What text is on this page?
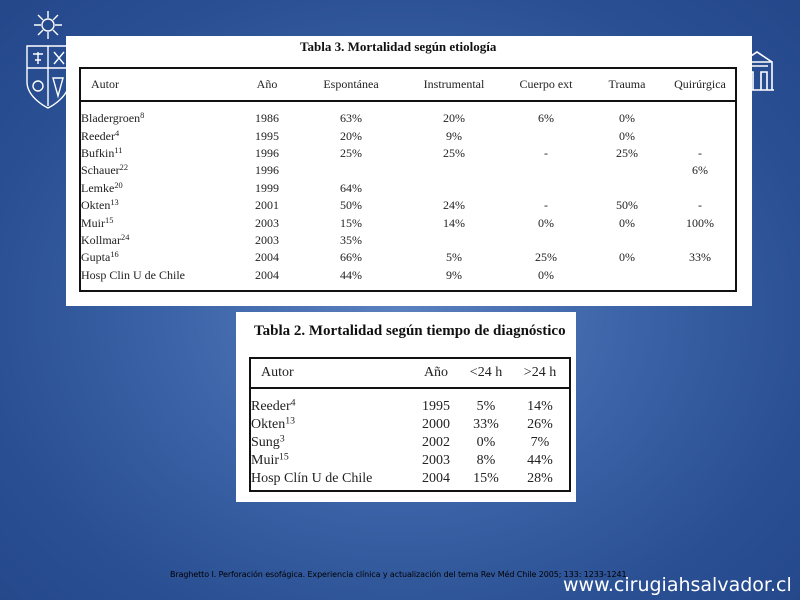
Tabla 3. Mortalidad según etiología
Autor	Año	Espontánea	Instrumental	Cuerpo ext	Trauma	Quirúrgica
Bladergroen$^8$	1986	63%	20%	6%	0%	
Reeder$^4$	1995	20%	9%		0%	
Bufkin$^{11}$	1996	25%	25%	-	25%	-
Schauer$^{22}$	1996					6%
Lemke$^{20}$	1999	64%				
Okten$^{13}$	2001	50%	24%	-	50%	-
Muir$^{15}$	2003	15%	14%	0%	0%	100%
Kollmar$^{24}$	2003	35%				
Gupta$^{16}$	2004	66%	5%	25%	0%	33%
Hosp Clin U de Chile	2004	44%	9%	0%		
Tabla 2. Mortalidad según tiempo de diagnóstico
Autor	Año	<24 h	>24 h
Reeder$^4$	1995	5%	14%
Okten$^{13}$	2000	33%	26%
Sung$^3$	2002	0%	7%
Muir$^{15}$	2003	8%	44%
Hosp Clín U de Chile	2004	15%	28%
Braghetto I. Perforación esofágica. Experiencia clínica y actualización del tema Rev Méd Chile 2005; 133: 1233-1241
www.cirugiahsalvador.cl
